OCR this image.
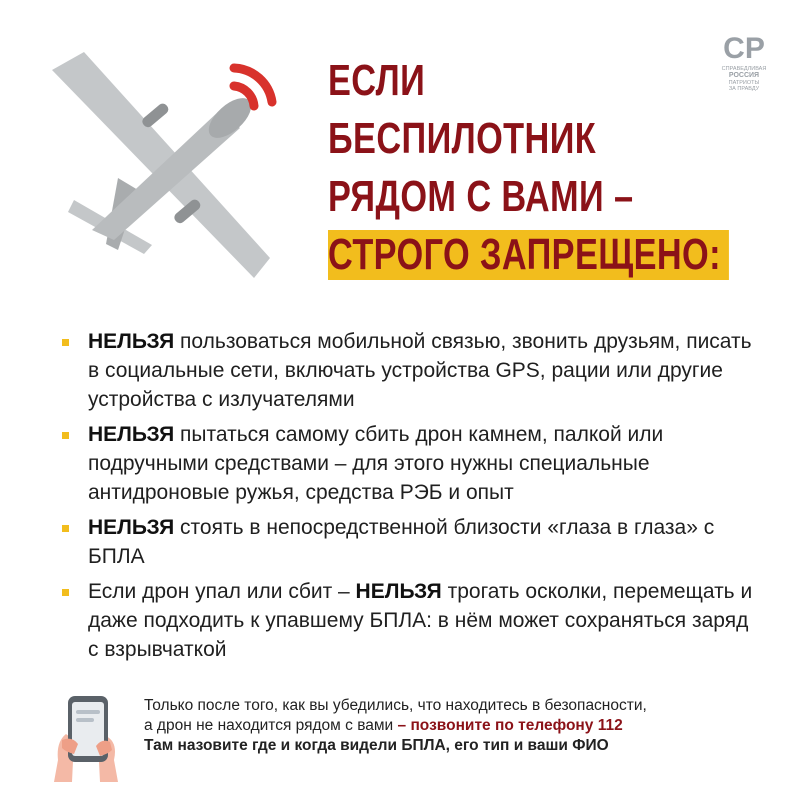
ЕСЛИ
БЕСПИЛОТНИК
РЯДОМ С ВАМИ –
СТРОГО ЗАПРЕЩЕНО:
СР
СПРАВЕДЛИВАЯ
РОССИЯ
ПАТРИОТЫ
ЗА ПРАВДУ
НЕЛЬЗЯ пользоваться мобильной связью, звонить друзьям, писать в социальные сети, включать устройства GPS, рации или другие устройства с излучателями
НЕЛЬЗЯ пытаться самому сбить дрон камнем, палкой или подручными средствами – для этого нужны специальные антидроновые ружья, средства РЭБ и опыт
НЕЛЬЗЯ стоять в непосредственной близости «глаза в глаза» с БПЛА
Если дрон упал или сбит – НЕЛЬЗЯ трогать осколки, перемещать и даже подходить к упавшему БПЛА: в нём может сохраняться заряд с взрывчаткой
Только после того, как вы убедились, что находитесь в безопасности,
а дрон не находится рядом с вами – позвоните по телефону 112
Там назовите где и когда видели БПЛА, его тип и ваши ФИО
